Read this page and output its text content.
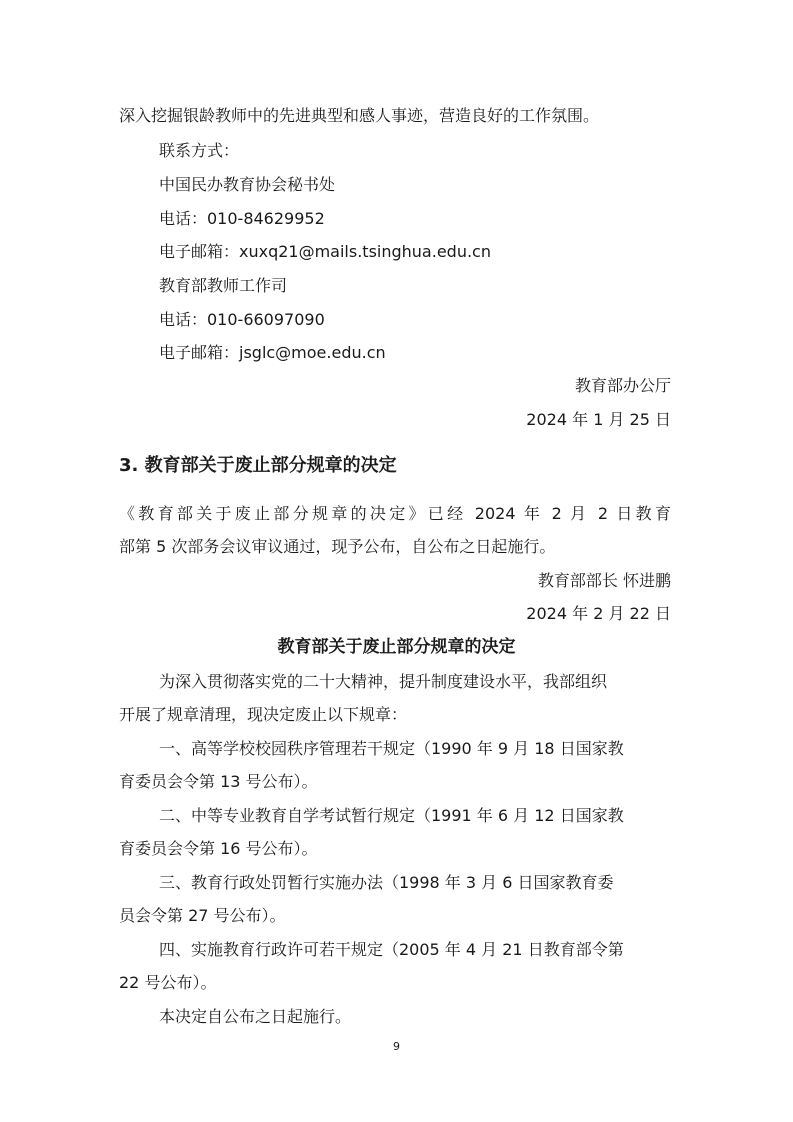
深入挖掘银龄教师中的先进典型和感人事迹，营造良好的工作氛围。
联系方式：
中国民办教育协会秘书处
电话：010-84629952
电子邮箱：xuxq21@mails.tsinghua.edu.cn
教育部教师工作司
电话：010-66097090
电子邮箱：jsglc@moe.edu.cn
教育部办公厅
2024 年 1 月 25 日
3. 教育部关于废止部分规章的决定
《教育部关于废止部分规章的决定》已经 2024 年 2 月 2 日教育
部第 5 次部务会议审议通过，现予公布，自公布之日起施行。
教育部部长 怀进鹏
2024 年 2 月 22 日
教育部关于废止部分规章的决定
为深入贯彻落实党的二十大精神，提升制度建设水平，我部组织
开展了规章清理，现决定废止以下规章：
一、高等学校校园秩序管理若干规定（1990 年 9 月 18 日国家教
育委员会令第 13 号公布）。
二、中等专业教育自学考试暂行规定（1991 年 6 月 12 日国家教
育委员会令第 16 号公布）。
三、教育行政处罚暂行实施办法（1998 年 3 月 6 日国家教育委
员会令第 27 号公布）。
四、实施教育行政许可若干规定（2005 年 4 月 21 日教育部令第
22 号公布）。
本决定自公布之日起施行。
9
